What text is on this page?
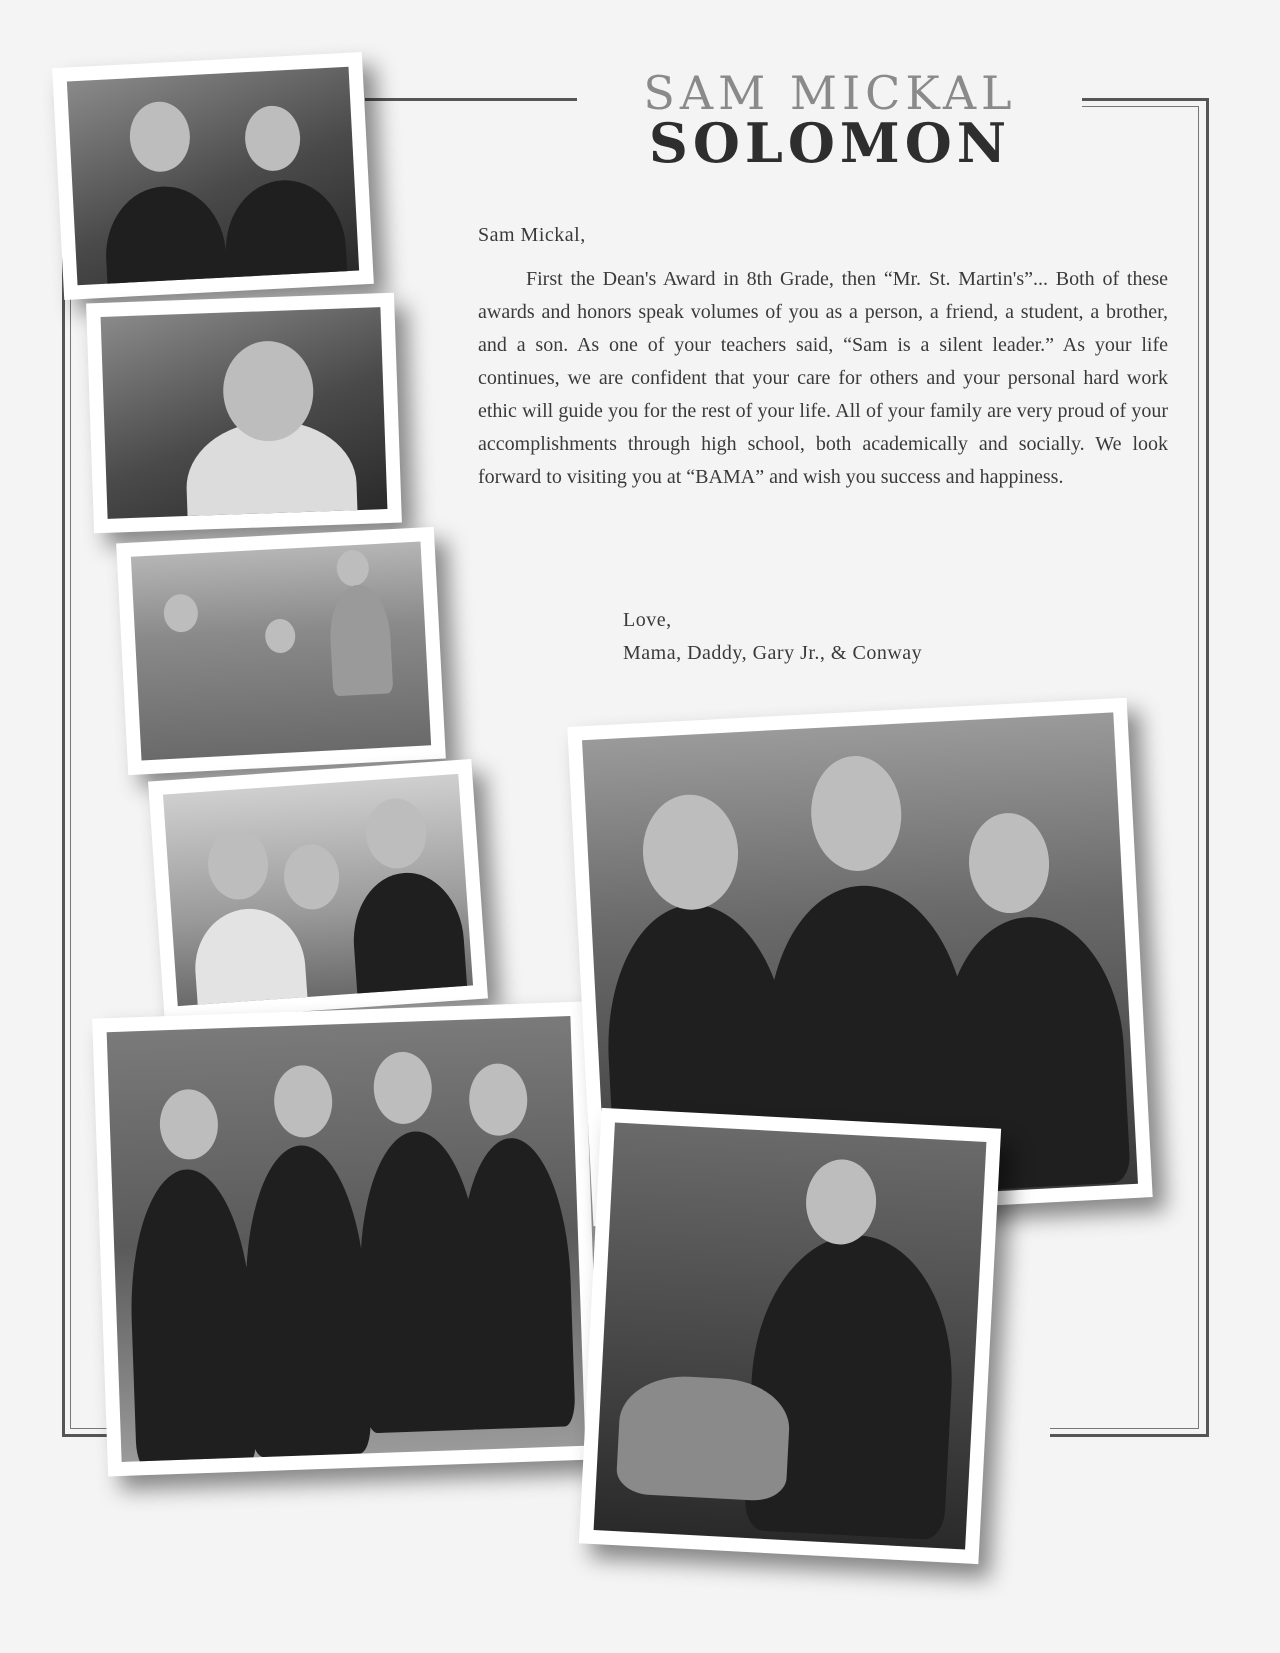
SAM MICKAL
SOLOMON

Sam Mickal,

First the Dean's Award in 8th Grade, then “Mr. St. Martin's”... Both of these awards and honors speak volumes of you as a person, a friend, a student, a brother, and a son. As one of your teachers said, “Sam is a silent leader.” As your life continues, we are confident that your care for others and your personal hard work ethic will guide you for the rest of your life. All of your family are very proud of your accomplishments through high school, both academically and socially. We look forward to visiting you at “BAMA” and wish you success and happiness.

Love,
Mama, Daddy, Gary Jr., & Conway
